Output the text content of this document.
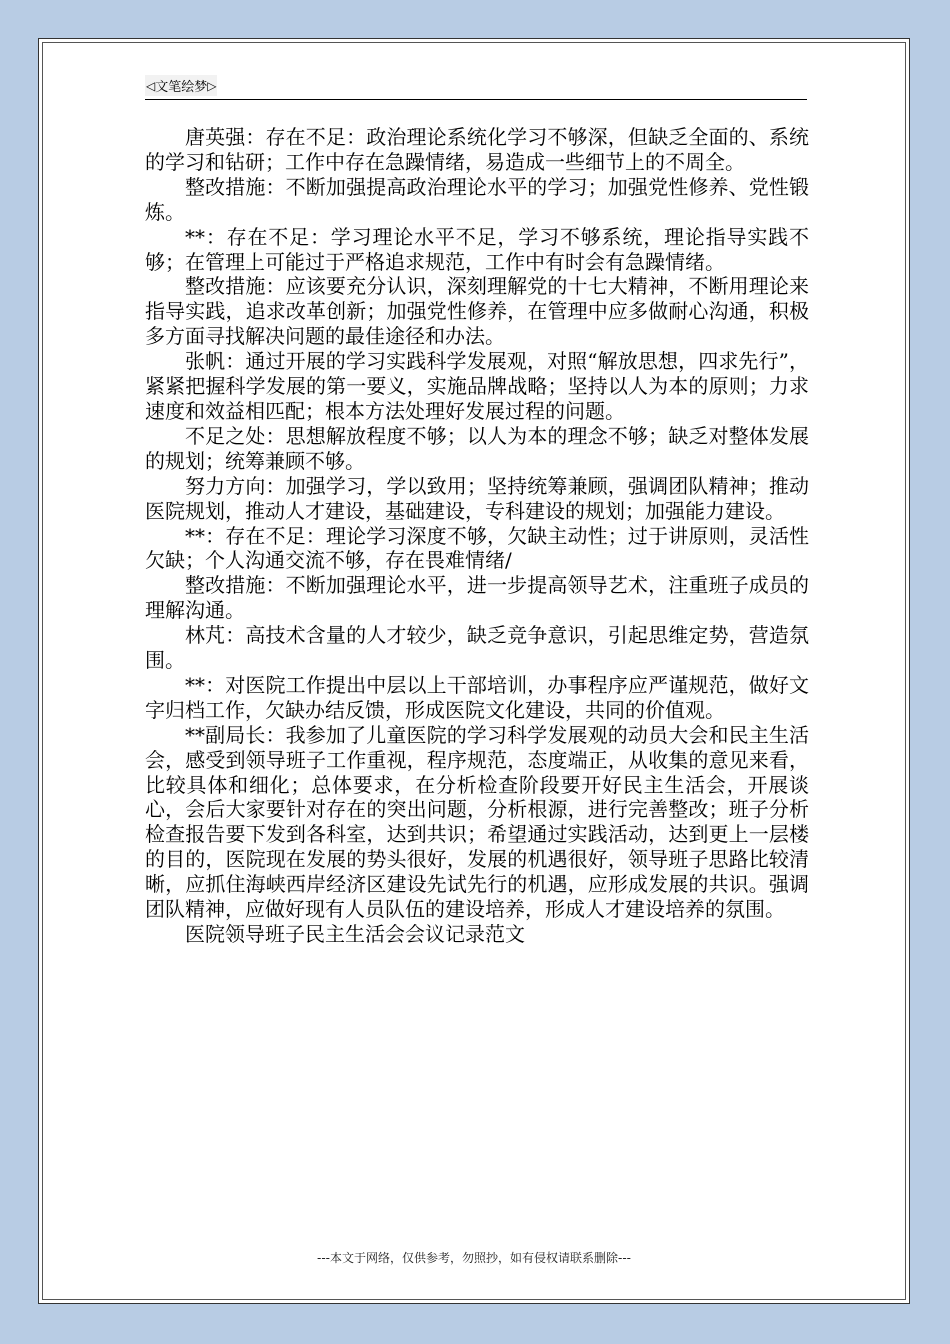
◁ 文笔绘梦 ▷

唐英强：存在不足：政治理论系统化学习不够深，但缺乏全面的、系统的学习和钻研；工作中存在急躁情绪，易造成一些细节上的不周全。

整改措施：不断加强提高政治理论水平的学习；加强党性修养、党性锻炼。

**：存在不足：学习理论水平不足，学习不够系统，理论指导实践不够；在管理上可能过于严格追求规范，工作中有时会有急躁情绪。

整改措施：应该要充分认识，深刻理解党的十七大精神，不断用理论来指导实践，追求改革创新；加强党性修养，在管理中应多做耐心沟通，积极多方面寻找解决问题的最佳途径和办法。

张帆：通过开展的学习实践科学发展观，对照“解放思想，四求先行”，紧紧把握科学发展的第一要义，实施品牌战略；坚持以人为本的原则；力求速度和效益相匹配；根本方法处理好发展过程的问题。

不足之处：思想解放程度不够；以人为本的理念不够；缺乏对整体发展的规划；统筹兼顾不够。

努力方向：加强学习，学以致用；坚持统筹兼顾，强调团队精神；推动医院规划，推动人才建设，基础建设，专科建设的规划；加强能力建设。

**：存在不足：理论学习深度不够，欠缺主动性；过于讲原则，灵活性欠缺；个人沟通交流不够，存在畏难情绪/

整改措施：不断加强理论水平，进一步提高领导艺术，注重班子成员的理解沟通。

林芃：高技术含量的人才较少，缺乏竞争意识，引起思维定势，营造氛围。

**：对医院工作提出中层以上干部培训，办事程序应严谨规范，做好文字归档工作，欠缺办结反馈，形成医院文化建设，共同的价值观。

**副局长：我参加了儿童医院的学习科学发展观的动员大会和民主生活会，感受到领导班子工作重视，程序规范，态度端正，从收集的意见来看，比较具体和细化；总体要求，在分析检查阶段要开好民主生活会，开展谈心，会后大家要针对存在的突出问题，分析根源，进行完善整改；班子分析检查报告要下发到各科室，达到共识；希望通过实践活动，达到更上一层楼的目的，医院现在发展的势头很好，发展的机遇很好，领导班子思路比较清晰，应抓住海峡西岸经济区建设先试先行的机遇，应形成发展的共识。强调团队精神，应做好现有人员队伍的建设培养，形成人才建设培养的氛围。

医院领导班子民主生活会会议记录范文

---本文于网络，仅供参考，勿照抄，如有侵权请联系删除---
